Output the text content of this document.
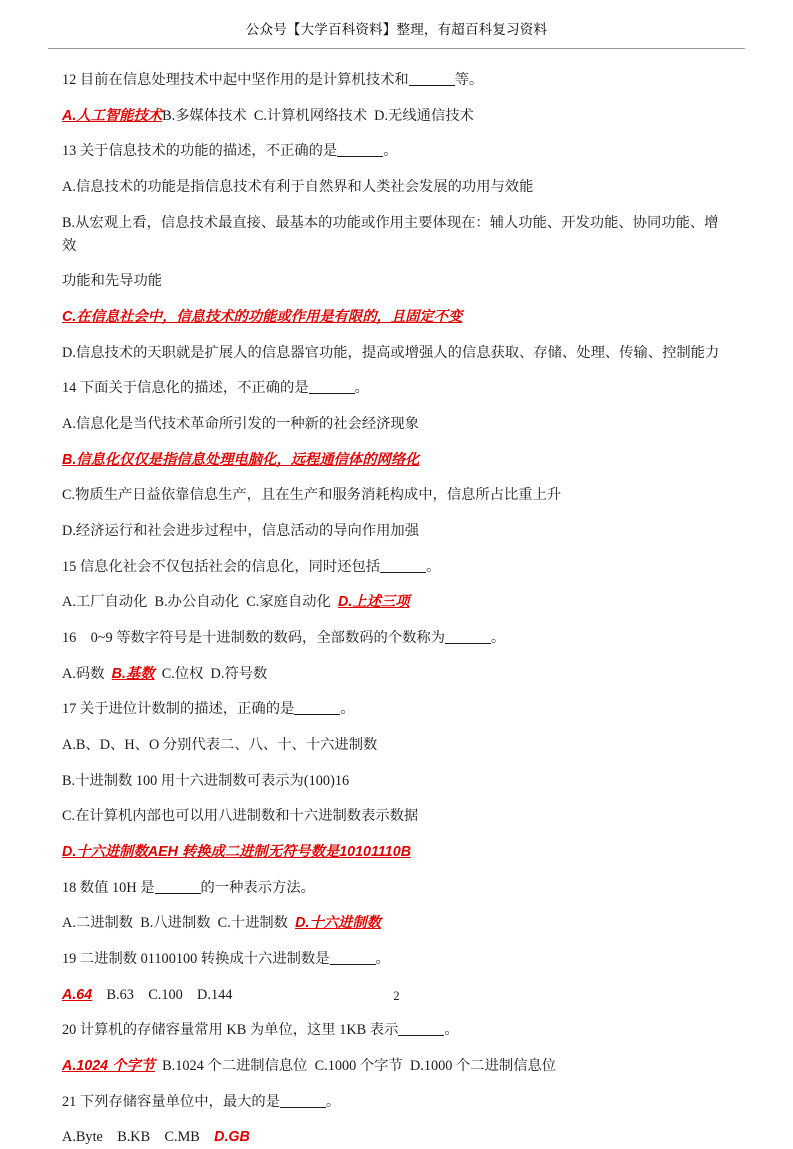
公众号【大学百科资料】整理，有超百科复习资料
12 目前在信息处理技术中起中坚作用的是计算机技术和	等。
A.人工智能技术B.多媒体技术  C.计算机网络技术  D.无线通信技术
13 关于信息技术的功能的描述，不正确的是	。
A.信息技术的功能是指信息技术有利于自然界和人类社会发展的功用与效能
B.从宏观上看，信息技术最直接、最基本的功能或作用主要体现在：辅人功能、开发功能、协同功能、增效
功能和先导功能
C.在信息社会中，信息技术的功能或作用是有限的，且固定不变
D.信息技术的天职就是扩展人的信息器官功能，提高或增强人的信息获取、存储、处理、传输、控制能力
14 下面关于信息化的描述，不正确的是	。
A.信息化是当代技术革命所引发的一种新的社会经济现象
B.信息化仅仅是指信息处理电脑化，远程通信体的网络化
C.物质生产日益依靠信息生产，且在生产和服务消耗构成中，信息所占比重上升
D.经济运行和社会进步过程中，信息活动的导向作用加强
15 信息化社会不仅包括社会的信息化，同时还包括	。
A.工厂自动化  B.办公自动化  C.家庭自动化  D.上述三项
16    0~9 等数字符号是十进制数的数码，全部数码的个数称为	。
A.码数  B.基数  C.位权  D.符号数
17 关于进位计数制的描述，正确的是	。
A.B、D、H、O 分别代表二、八、十、十六进制数
B.十进制数 100 用十六进制数可表示为(100)16
C.在计算机内部也可以用八进制数和十六进制数表示数据
D.十六进制数AEH 转换成二进制无符号数是10101110B
18 数值 10H 是	的一种表示方法。
A.二进制数  B.八进制数  C.十进制数  D.十六进制数
19 二进制数 01100100 转换成十六进制数是	。
A.64    B.63    C.100    D.144
20 计算机的存储容量常用 KB 为单位，这里 1KB 表示	。
A.1024 个字节  B.1024 个二进制信息位  C.1000 个字节  D.1000 个二进制信息位
21 下列存储容量单位中，最大的是	。
A.Byte    B.KB    C.MB    D.GB
2
